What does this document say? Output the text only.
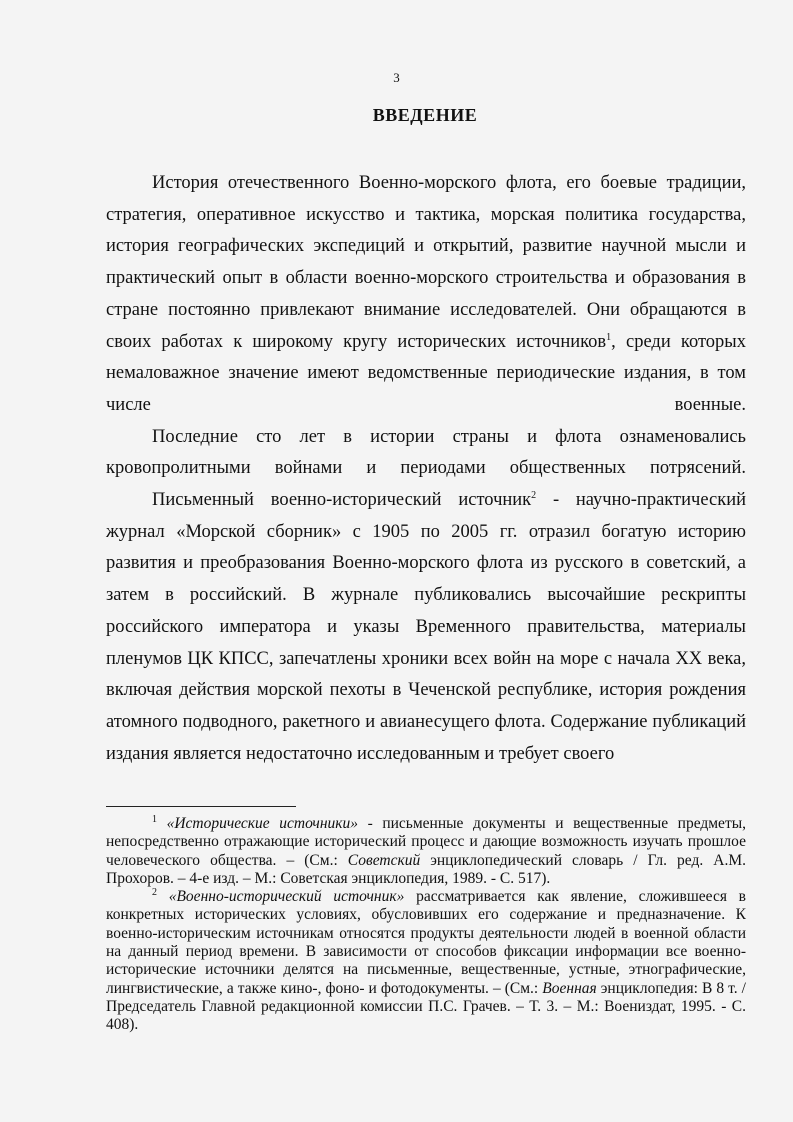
3
ВВЕДЕНИЕ

История отечественного Военно-морского флота, его боевые традиции, стратегия, оперативное искусство и тактика, морская политика государства, история географических экспедиций и открытий, развитие научной мысли и практический опыт в области военно-морского строительства и образования в стране постоянно привлекают внимание исследователей. Они обращаются в своих работах к широкому кругу исторических источников$^1$, среди которых немаловажное значение имеют ведомственные периодические издания, в том числе военные.

Последние сто лет в истории страны и флота ознаменовались кровопролитными войнами и периодами общественных потрясений.

Письменный военно-исторический источник$^2$ - научно-практический журнал «Морской сборник» с 1905 по 2005 гг. отразил богатую историю развития и преобразования Военно-морского флота из русского в советский, а затем в российский. В журнале публиковались высочайшие рескрипты российского императора и указы Временного правительства, материалы пленумов ЦК КПСС, запечатлены хроники всех войн на море с начала XX века, включая действия морской пехоты в Чеченской республике, история рождения атомного подводного, ракетного и авианесущего флота. Содержание публикаций издания является недостаточно исследованным и требует своего

$^1$ «Исторические источники» - письменные документы и вещественные предметы, непосредственно отражающие исторический процесс и дающие возможность изучать прошлое человеческого общества. – (См.: Советский энциклопедический словарь / Гл. ред. А.М. Прохоров. – 4-е изд. – М.: Советская энциклопедия, 1989. - С. 517).

$^2$ «Военно-исторический источник» рассматривается как явление, сложившееся в конкретных исторических условиях, обусловивших его содержание и предназначение. К военно-историческим источникам относятся продукты деятельности людей в военной области на данный период времени. В зависимости от способов фиксации информации все военно-исторические источники делятся на письменные, вещественные, устные, этнографические, лингвистические, а также кино-, фоно- и фотодокументы. – (См.: Военная энциклопедия: В 8 т. / Председатель Главной редакционной комиссии П.С. Грачев. – Т. 3. – М.: Воениздат, 1995. - С. 408).
